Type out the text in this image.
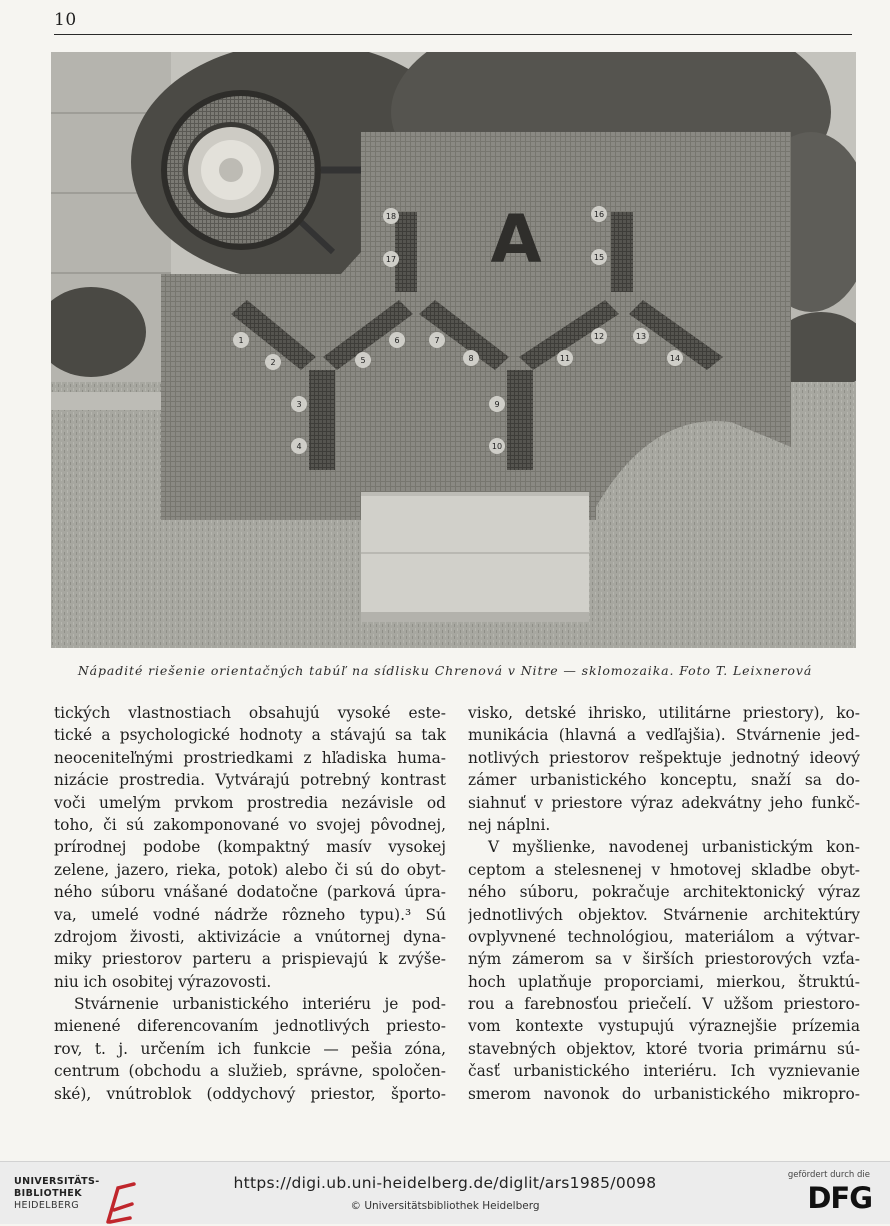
10
A
1
2
3
4
5
6	7
8
9
10
11
12	13
14
15
16
17
18
Nápadité riešenie orientačných tabúľ na sídlisku Chrenová v Nitre — sklomozaika. Foto T. Leixnerová
tických vlastnostiach obsahujú vysoké este-
tické a psychologické hodnoty a stávajú sa tak
neoceniteľnými prostriedkami z hľadiska huma-
nizácie prostredia. Vytvárajú potrebný kontrast
voči umelým prvkom prostredia nezávisle od
toho, či sú zakomponované vo svojej pôvodnej,
prírodnej podobe (kompaktný masív vysokej
zelene, jazero, rieka, potok) alebo či sú do obyt-
ného súboru vnášané dodatočne (parková úpra-
va, umelé vodné nádrže rôzneho typu).³ Sú
zdrojom živosti, aktivizácie a vnútornej dyna-
miky priestorov parteru a prispievajú k zvýše-
niu ich osobitej výrazovosti.
Stvárnenie urbanistického interiéru je pod-
mienené diferencovaním jednotlivých priesto-
rov, t. j. určením ich funkcie — pešia zóna,
centrum (obchodu a služieb, správne, spoločen-
ské), vnútroblok (oddychový priestor, športo-
visko, detské ihrisko, utilitárne priestory), ko-
munikácia (hlavná a vedľajšia). Stvárnenie jed-
notlivých priestorov rešpektuje jednotný ideový
zámer urbanistického konceptu, snaží sa do-
siahnuť v priestore výraz adekvátny jeho funkč-
nej náplni.
V myšlienke, navodenej urbanistickým kon-
ceptom a stelesnenej v hmotovej skladbe obyt-
ného súboru, pokračuje architektonický výraz
jednotlivých objektov. Stvárnenie architektúry
ovplyvnené technológiou, materiálom a výtvar-
ným zámerom sa v širších priestorových vzťa-
hoch uplatňuje proporciami, mierkou, štruktú-
rou a farebnosťou priečelí. V užšom priestoro-
vom kontexte vystupujú výraznejšie prízemia
stavebných objektov, ktoré tvoria primárnu sú-
časť urbanistického interiéru. Ich vyznievanie
smerom navonok do urbanistického mikropro-
UNIVERSITÄTS-
BIBLIOTHEK
HEIDELBERG
https://digi.ub.uni-heidelberg.de/diglit/ars1985/0098
© Universitätsbibliothek Heidelberg
gefördert durch die
DFG
